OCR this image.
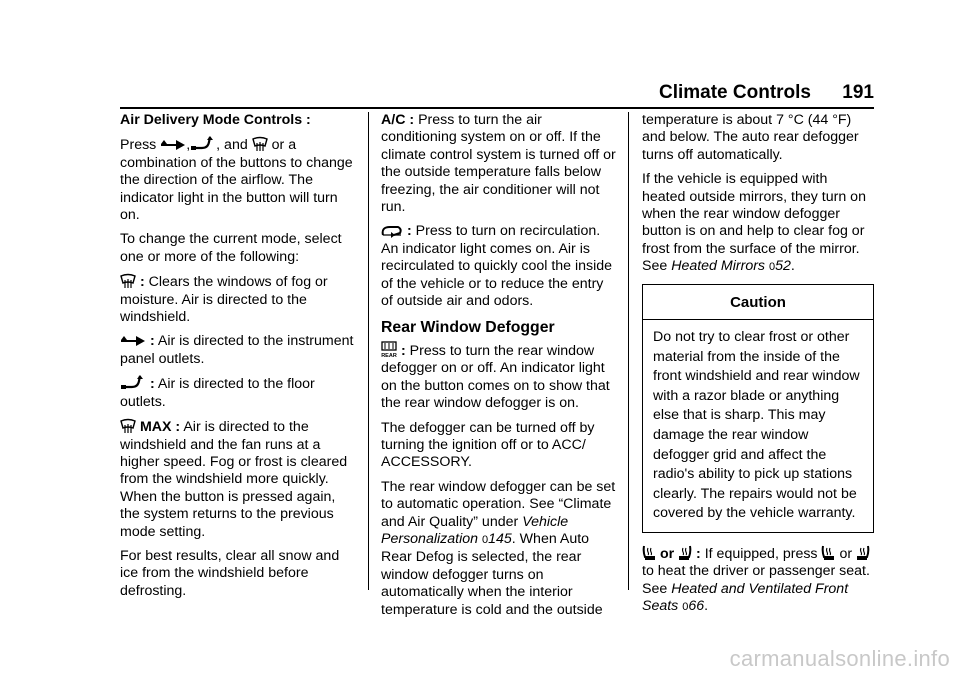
Climate Controls 191

Air Delivery Mode Controls :

Press , , and or a combination of the buttons to change the direction of the airflow. The indicator light in the button will turn on.

To change the current mode, select one or more of the following:

: Clears the windows of fog or moisture. Air is directed to the windshield.

: Air is directed to the instrument panel outlets.

: Air is directed to the floor outlets.

MAX : Air is directed to the windshield and the fan runs at a higher speed. Fog or frost is cleared from the windshield more quickly. When the button is pressed again, the system returns to the previous mode setting.

For best results, clear all snow and ice from the windshield before defrosting.

A/C : Press to turn the air conditioning system on or off. If the climate control system is turned off or the outside temperature falls below freezing, the air conditioner will not run.

: Press to turn on recirculation. An indicator light comes on. Air is recirculated to quickly cool the inside of the vehicle or to reduce the entry of outside air and odors.

Rear Window Defogger

REAR : Press to turn the rear window defogger on or off. An indicator light on the button comes on to show that the rear window defogger is on.

The defogger can be turned off by turning the ignition off or to ACC/ ACCESSORY.

The rear window defogger can be set to automatic operation. See “Climate and Air Quality” under Vehicle Personalization 0145. When Auto Rear Defog is selected, the rear window defogger turns on automatically when the interior temperature is cold and the outside

temperature is about 7 °C (44 °F) and below. The auto rear defogger turns off automatically.

If the vehicle is equipped with heated outside mirrors, they turn on when the rear window defogger button is on and help to clear fog or frost from the surface of the mirror. See Heated Mirrors 052.

Caution
Do not try to clear frost or other material from the inside of the front windshield and rear window with a razor blade or anything else that is sharp. This may damage the rear window defogger grid and affect the radio's ability to pick up stations clearly. The repairs would not be covered by the vehicle warranty.

or : If equipped, press or
to heat the driver or passenger seat. See Heated and Ventilated Front Seats 066.

carmanualsonline.info
